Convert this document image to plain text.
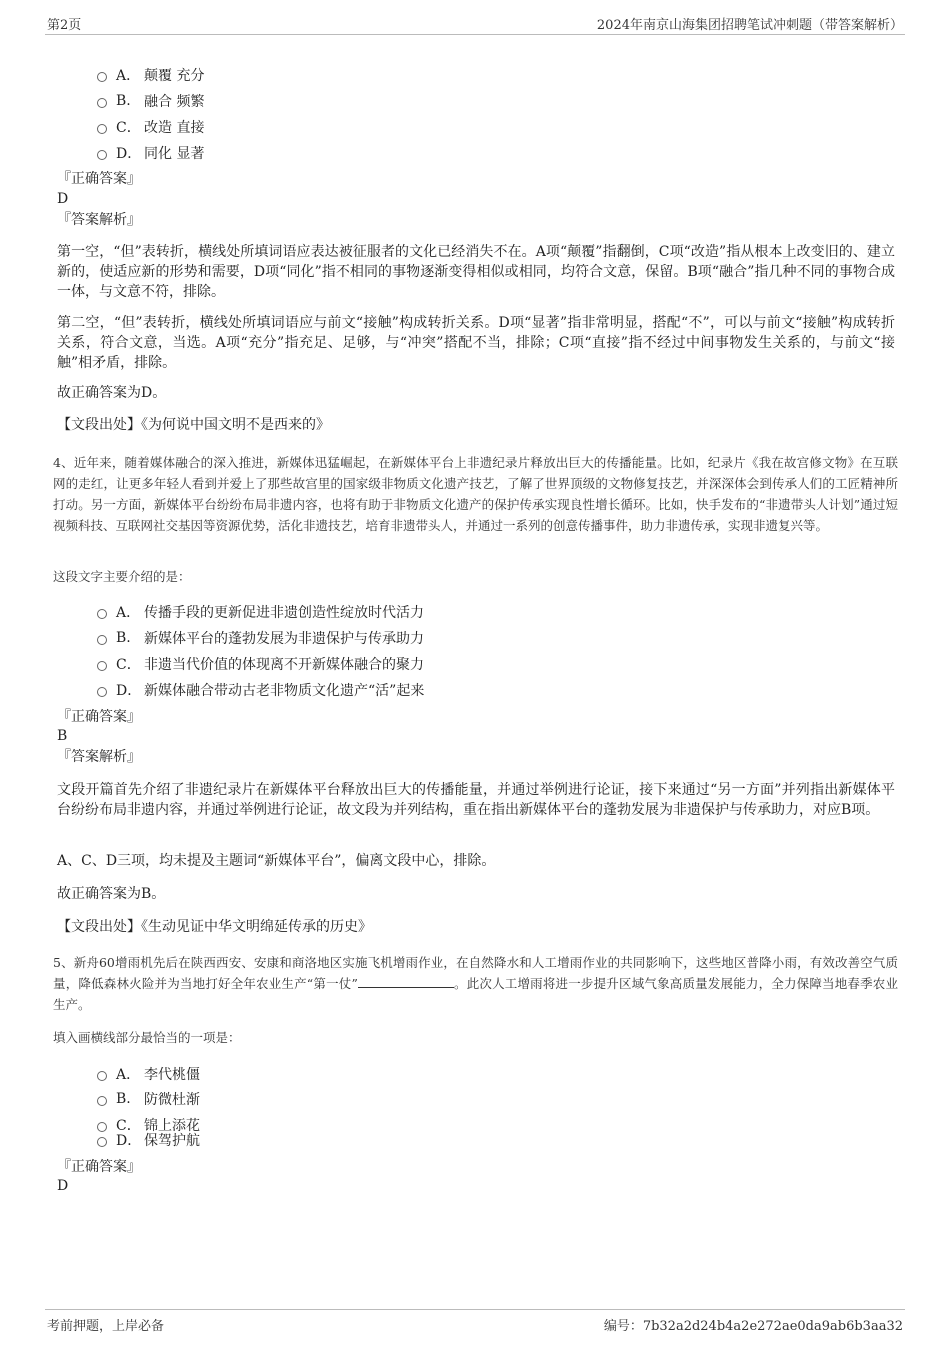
第2页	2024年南京山海集团招聘笔试冲刺题（带答案解析）
A． 颠覆 充分
B. 融合 频繁
C． 改造 直接
D． 同化 显著
『正确答案』
D
『答案解析』
第一空，“但”表转折，横线处所填词语应表达被征服者的文化已经消失不在。A项“颠覆”指翻倒，C项“改造”指从根本上改变旧的、建立新的，使适应新的形势和需要，D项“同化”指不相同的事物逐渐变得相似或相同，均符合文意，保留。B项“融合”指几种不同的事物合成一体，与文意不符，排除。
第二空，“但”表转折，横线处所填词语应与前文“接触”构成转折关系。D项“显著”指非常明显，搭配“不”，可以与前文“接触”构成转折关系，符合文意，当选。A项“充分”指充足、足够，与“冲突”搭配不当，排除；C项“直接”指不经过中间事物发生关系的，与前文“接触”相矛盾，排除。
故正确答案为D。
【文段出处】《为何说中国文明不是西来的》
4、近年来，随着媒体融合的深入推进，新媒体迅猛崛起，在新媒体平台上非遗纪录片释放出巨大的传播能量。比如，纪录片《我在故宫修文物》在互联网的走红，让更多年轻人看到并爱上了那些故宫里的国家级非物质文化遗产技艺，了解了世界顶级的文物修复技艺，并深深体会到传承人们的工匠精神所打动。另一方面，新媒体平台纷纷布局非遗内容，也将有助于非物质文化遗产的保护传承实现良性增长循环。比如，快手发布的“非遗带头人计划”通过短视频科技、互联网社交基因等资源优势，活化非遗技艺，培育非遗带头人，并通过一系列的创意传播事件，助力非遗传承，实现非遗复兴等。
这段文字主要介绍的是：
A． 传播手段的更新促进非遗创造性绽放时代活力
B. 新媒体平台的蓬勃发展为非遗保护与传承助力
C． 非遗当代价值的体现离不开新媒体融合的聚力
D． 新媒体融合带动古老非物质文化遗产“活”起来
『正确答案』
B
『答案解析』
文段开篇首先介绍了非遗纪录片在新媒体平台释放出巨大的传播能量，并通过举例进行论证，接下来通过“另一方面”并列指出新媒体平台纷纷布局非遗内容，并通过举例进行论证，故文段为并列结构，重在指出新媒体平台的蓬勃发展为非遗保护与传承助力，对应B项。
A、C、D三项，均未提及主题词“新媒体平台”，偏离文段中心，排除。
故正确答案为B。
【文段出处】《生动见证中华文明绵延传承的历史》
5、新舟60增雨机先后在陕西西安、安康和商洛地区实施飞机增雨作业，在自然降水和人工增雨作业的共同影响下，这些地区普降小雨，有效改善空气质量，降低森林火险并为当地打好全年农业生产“第一仗”	。此次人工增雨将进一步提升区域气象高质量发展能力，全力保障当地春季农业生产。
填入画横线部分最恰当的一项是：
A． 李代桃僵
B. 防微杜渐
C． 锦上添花
D． 保驾护航
『正确答案』
D
考前押题，上岸必备	编号：7b32a2d24b4a2e272ae0da9ab6b3aa32
